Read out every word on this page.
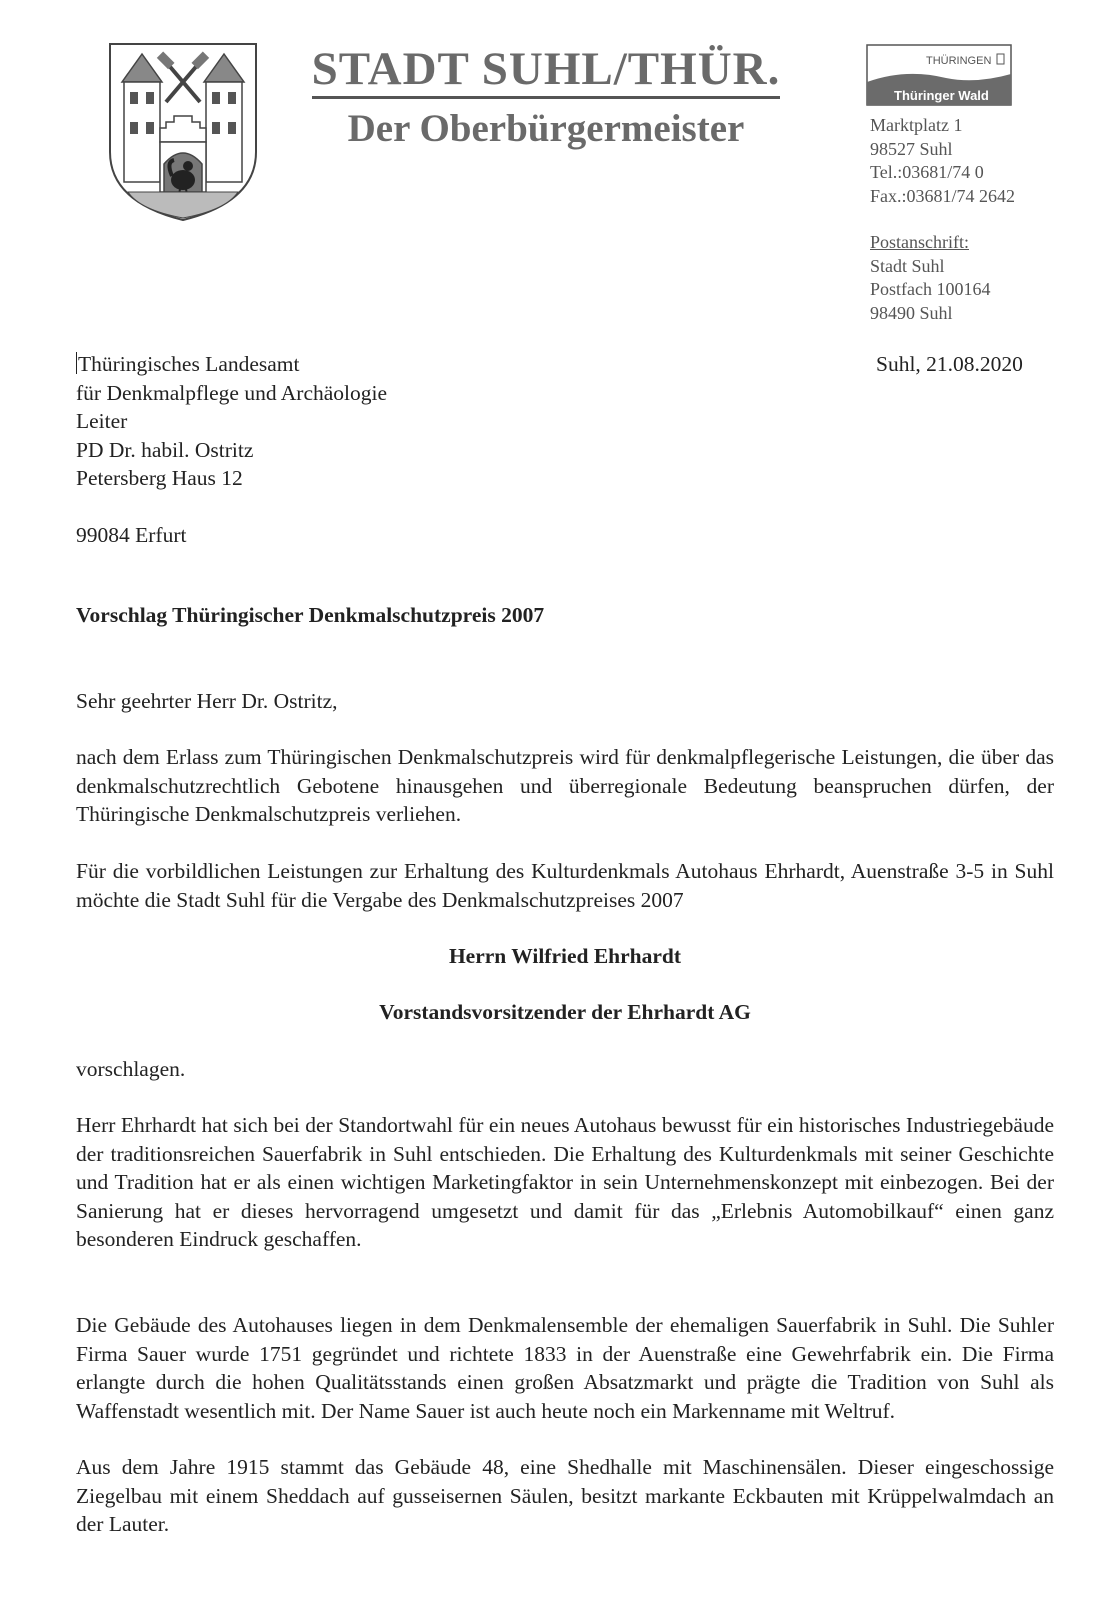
STADT SUHL/THÜR.
Der Oberbürgermeister
THÜRINGEN
Thüringer Wald
Marktplatz 1
98527 Suhl
Tel.:03681/74 0
Fax.:03681/74 2642
Postanschrift:
Stadt Suhl
Postfach 100164
98490 Suhl
Thüringisches Landesamt
für Denkmalpflege und Archäologie
Leiter
PD Dr. habil. Ostritz
Petersberg Haus 12
99084 Erfurt
Suhl, 21.08.2020
Vorschlag Thüringischer Denkmalschutzpreis 2007
Sehr geehrter Herr Dr. Ostritz,
nach dem Erlass zum Thüringischen Denkmalschutzpreis wird für denkmalpflegerische Leistungen, die über das denkmalschutzrechtlich Gebotene hinausgehen und überregionale Bedeutung beanspruchen dürfen, der Thüringische Denkmalschutzpreis verliehen.
Für die vorbildlichen Leistungen zur Erhaltung des Kulturdenkmals Autohaus Ehrhardt, Auenstraße 3-5 in Suhl möchte die Stadt Suhl für die Vergabe des Denkmalschutzpreises 2007
Herrn Wilfried Ehrhardt
Vorstandsvorsitzender der Ehrhardt AG
vorschlagen.
Herr Ehrhardt hat sich bei der Standortwahl für ein neues Autohaus bewusst für ein historisches Industriegebäude der traditionsreichen Sauerfabrik in Suhl entschieden. Die Erhaltung des Kulturdenkmals mit seiner Geschichte und Tradition hat er als einen wichtigen Marketingfaktor in sein Unternehmenskonzept mit einbezogen. Bei der Sanierung hat er dieses hervorragend umgesetzt und damit für das „Erlebnis Automobilkauf“ einen ganz besonderen Eindruck geschaffen.
Die Gebäude des Autohauses liegen in dem Denkmalensemble der ehemaligen Sauerfabrik in Suhl. Die Suhler Firma Sauer wurde 1751 gegründet und richtete 1833 in der Auenstraße eine Gewehrfabrik ein. Die Firma erlangte durch die hohen Qualitätsstands einen großen Absatzmarkt und prägte die Tradition von Suhl als Waffenstadt wesentlich mit. Der Name Sauer ist auch heute noch ein Markenname mit Weltruf.
Aus dem Jahre 1915 stammt das Gebäude 48, eine Shedhalle mit Maschinensälen. Dieser eingeschossige Ziegelbau mit einem Sheddach auf gusseisernen Säulen, besitzt markante Eckbauten mit Krüppelwalmdach an der Lauter.
